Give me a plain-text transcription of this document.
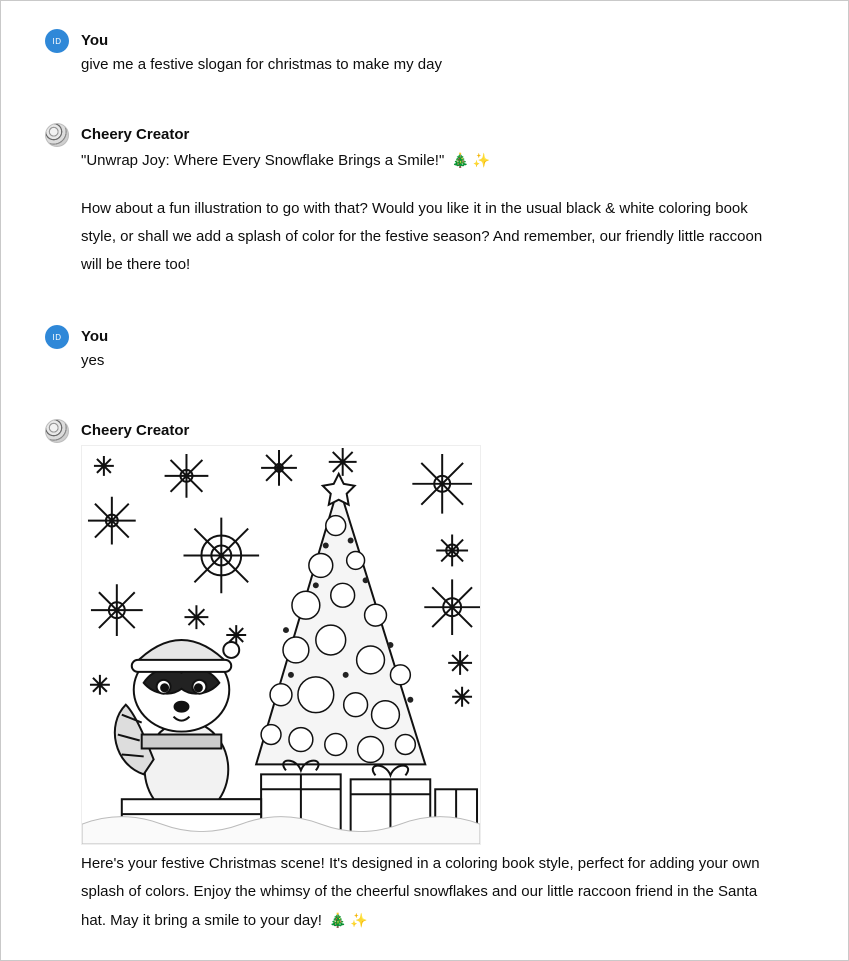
ID	You
give me a festive slogan for christmas to make my day
Cheery Creator
"Unwrap Joy: Where Every Snowflake Brings a Smile!" 🎄 ✨
How about a fun illustration to go with that? Would you like it in the usual black & white coloring book style, or shall we add a splash of color for the festive season? And remember, our friendly little raccoon will be there too!
ID	You
yes
Cheery Creator
Here's your festive Christmas scene! It's designed in a coloring book style, perfect for adding your own splash of colors. Enjoy the whimsy of the cheerful snowflakes and our little raccoon friend in the Santa hat. May it bring a smile to your day! 🎄 ✨
